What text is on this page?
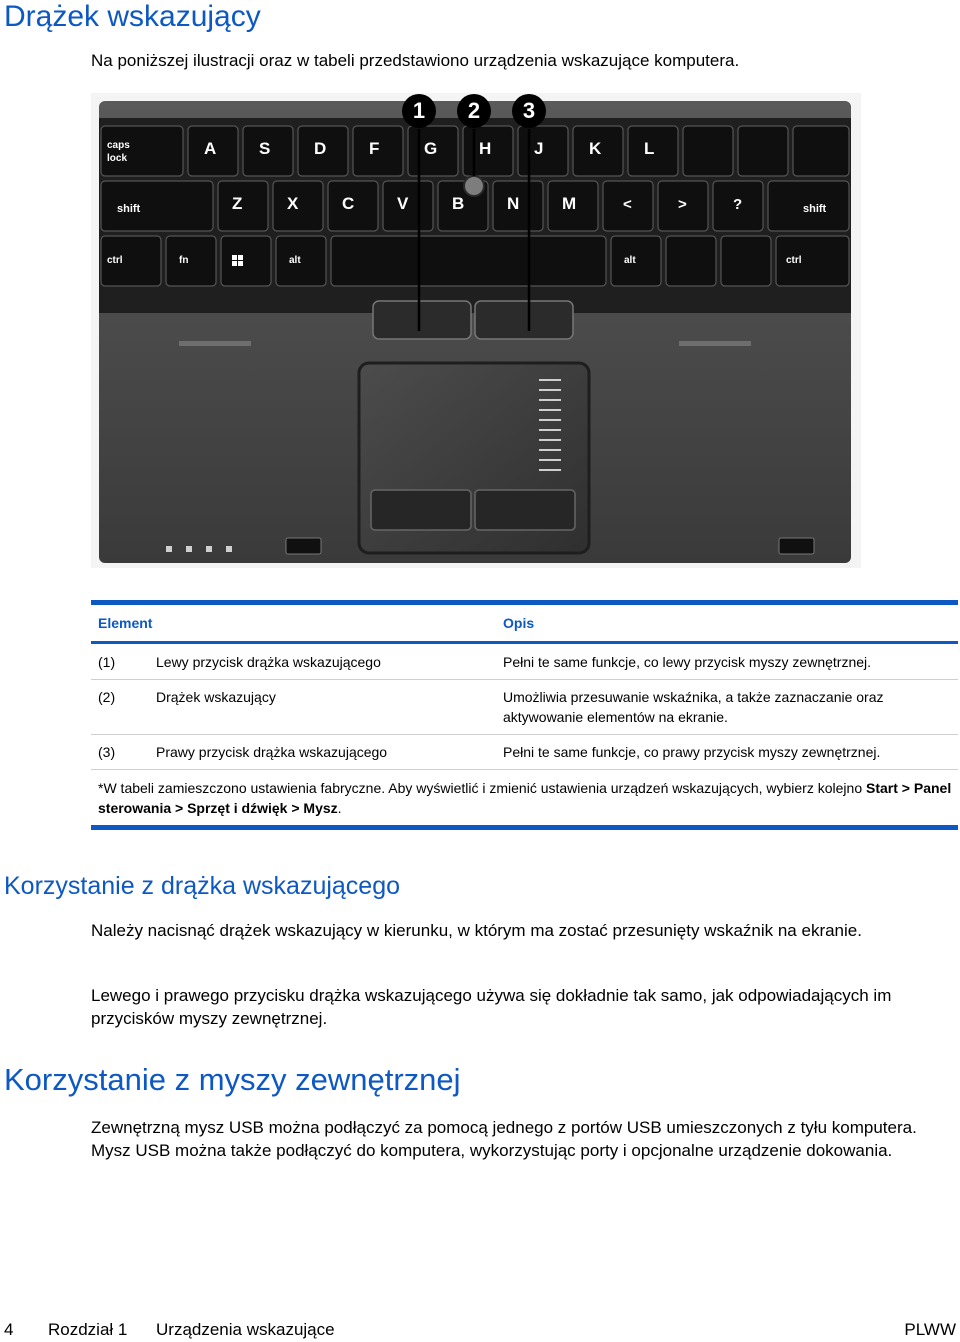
Drążek wskazujący

Na poniższej ilustracji oraz w tabeli przedstawiono urządzenia wskazujące komputera.

caps
lock
A	S	D	F	G H	J	K	L
shift	Z	X	C	V	B	N	M	<	>	?	shift
ctrl	fn	alt	alt	ctrl
1 2 3
Element	Opis
(1)	Lewy przycisk drążka wskazującego	Pełni te same funkcje, co lewy przycisk myszy zewnętrznej.
(2)	Drążek wskazujący	Umożliwia przesuwanie wskaźnika, a także zaznaczanie oraz aktywowanie elementów na ekranie.
(3)	Prawy przycisk drążka wskazującego	Pełni te same funkcje, co prawy przycisk myszy zewnętrznej.
*W tabeli zamieszczono ustawienia fabryczne. Aby wyświetlić i zmienić ustawienia urządzeń wskazujących, wybierz kolejno Start > Panel sterowania > Sprzęt i dźwięk > Mysz.
Korzystanie z drążka wskazującego

Należy nacisnąć drążek wskazujący w kierunku, w którym ma zostać przesunięty wskaźnik na ekranie.

Lewego i prawego przycisku drążka wskazującego używa się dokładnie tak samo, jak odpowiadających im przycisków myszy zewnętrznej.

Korzystanie z myszy zewnętrznej

Zewnętrzną mysz USB można podłączyć za pomocą jednego z portów USB umieszczonych z tyłu komputera. Mysz USB można także podłączyć do komputera, wykorzystując porty i opcjonalne urządzenie dokowania.

4 Rozdział 1 Urządzenia wskazujące	PLWW
